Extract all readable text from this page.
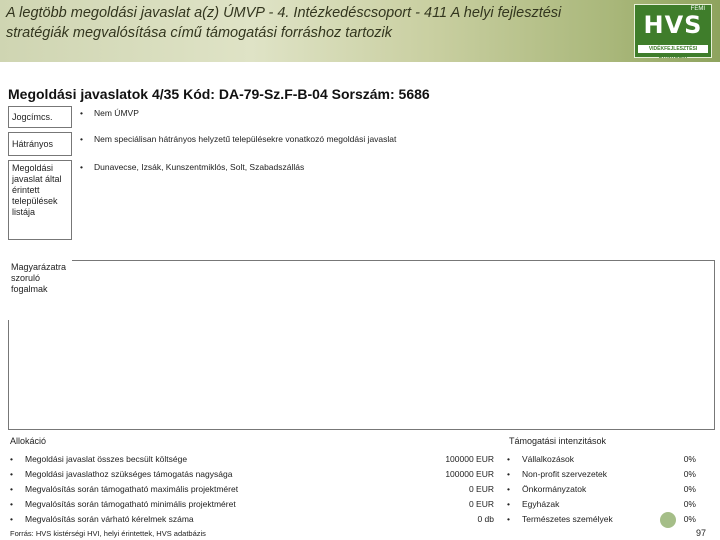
A legtöbb megoldási javaslat a(z) ÚMVP - 4. Intézkedéscsoport - 411 A helyi fejlesztési stratégiák megvalósítása című támogatási forráshoz tartozik
FEMI
HVS
VIDÉKFEJLESZTÉSI STRATÉGIA
Megoldási javaslatok 4/35 Kód: DA-79-Sz.F-B-04 Sorszám: 5686
Jogcímcs.
Hátrányos
Megoldási javaslat által érintett települések listája
Magyarázatra szoruló fogalmak
• Nem ÚMVP
• Nem speciálisan hátrányos helyzetű településekre vonatkozó megoldási javaslat
• Dunavecse, Izsák, Kunszentmiklós, Solt, Szabadszállás
Allokáció	Támogatási intenzitások
• Megoldási javaslat összes becsült költsége
• Megoldási javaslathoz szükséges támogatás nagysága
• Megvalósítás során támogatható maximális projektméret
• Megvalósítás során támogatható minimális projektméret
• Megvalósítás során várható kérelmek száma
100000 EUR
100000 EUR
0 EUR
0 EUR
0 db
• Vállalkozások
• Non-profit szervezetek
• Önkormányzatok
• Egyházak
• Természetes személyek
0%
0%
0%
0%
0%
Forrás: HVS kistérségi HVI, helyi érintettek, HVS adatbázis	97
